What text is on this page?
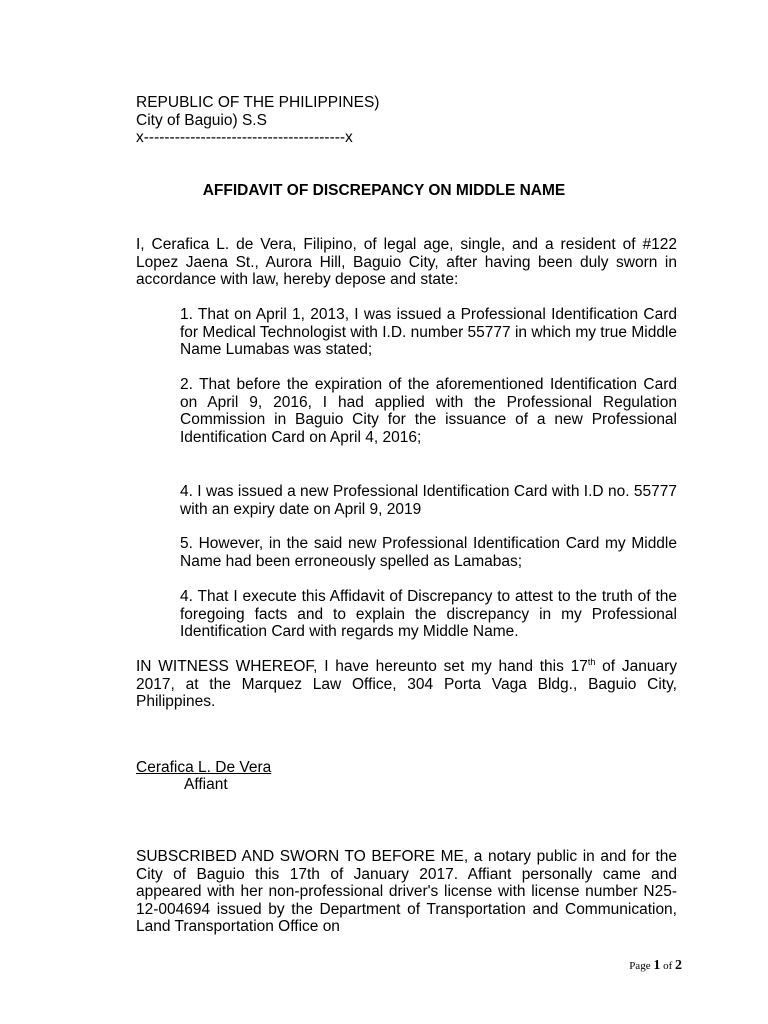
REPUBLIC OF THE PHILIPPINES)
City of Baguio) S.S
x---------------------------------------x
AFFIDAVIT OF DISCREPANCY ON MIDDLE NAME
I, Cerafica L. de Vera, Filipino, of legal age, single, and a resident of #122 Lopez Jaena St., Aurora Hill, Baguio City, after having been duly sworn in accordance with law, hereby depose and state:
1. That on April 1, 2013, I was issued a Professional Identification Card for Medical Technologist with I.D. number 55777 in which my true Middle Name Lumabas was stated;
2. That before the expiration of the aforementioned Identification Card on April 9, 2016, I had applied with the Professional Regulation Commission in Baguio City for the issuance of a new Professional Identification Card on April 4, 2016;
4. I was issued a new Professional Identification Card with I.D no. 55777 with an expiry date on April 9, 2019
5. However, in the said new Professional Identification Card my Middle Name had been erroneously spelled as Lamabas;
4. That I execute this Affidavit of Discrepancy to attest to the truth of the foregoing facts and to explain the discrepancy in my Professional Identification Card with regards my Middle Name.
IN WITNESS WHEREOF, I have hereunto set my hand this 17th of January 2017, at the Marquez Law Office, 304 Porta Vaga Bldg., Baguio City, Philippines.
Cerafica L. De Vera
Affiant
SUBSCRIBED AND SWORN TO BEFORE ME, a notary public in and for the City of Baguio this 17th of January 2017. Affiant personally came and appeared with her non-professional driver's license with license number N25-12-004694 issued by the Department of Transportation and Communication, Land Transportation Office on
Page 1 of 2
